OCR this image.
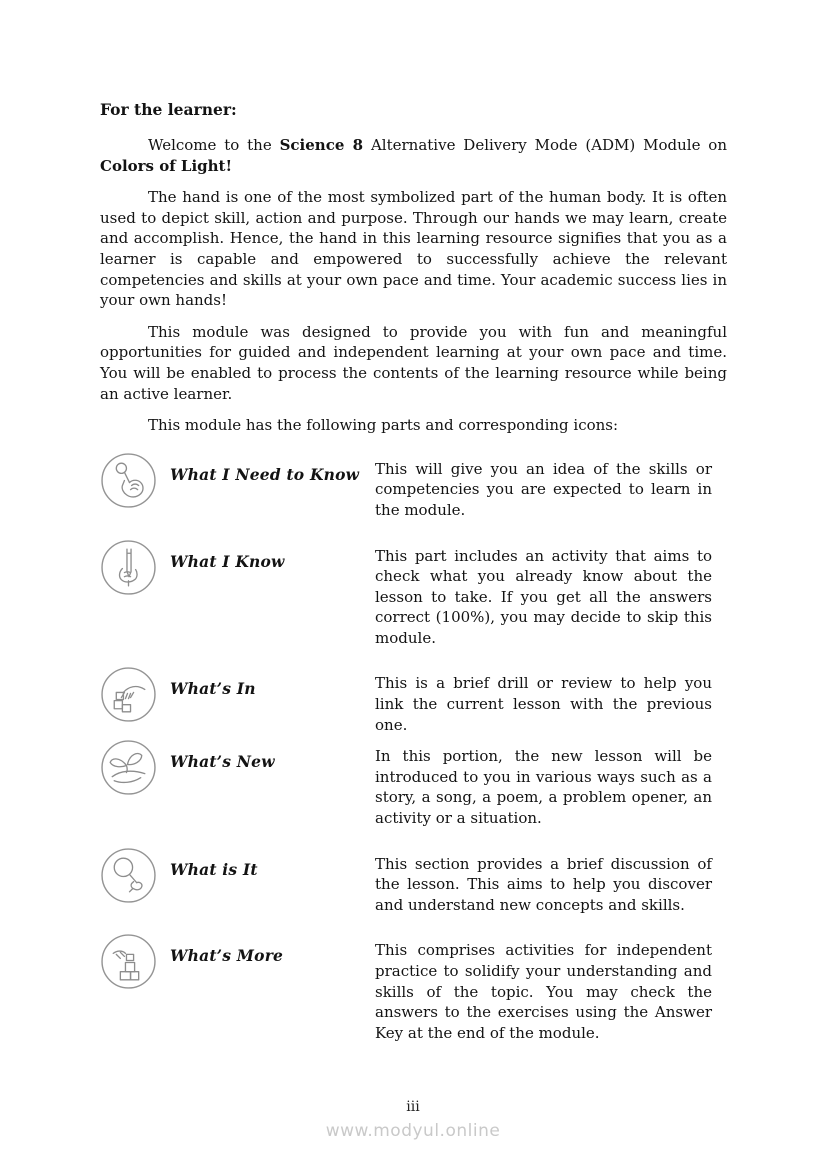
For the learner:

Welcome to the Science 8 Alternative Delivery Mode (ADM) Module on Colors of Light!

The hand is one of the most symbolized part of the human body. It is often used to depict skill, action and purpose. Through our hands we may learn, create and accomplish. Hence, the hand in this learning resource signifies that you as a learner is capable and empowered to successfully achieve the relevant competencies and skills at your own pace and time. Your academic success lies in your own hands!

This module was designed to provide you with fun and meaningful opportunities for guided and independent learning at your own pace and time. You will be enabled to process the contents of the learning resource while being an active learner.

This module has the following parts and corresponding icons:

What I Need to Know	This will give you an idea of the skills or competencies you are expected to learn in the module.
What I Know	This part includes an activity that aims to check what you already know about the lesson to take. If you get all the answers correct (100%), you may decide to skip this module.
What’s In	This is a brief drill or review to help you link the current lesson with the previous one.
What’s New	In this portion, the new lesson will be introduced to you in various ways such as a story, a song, a poem, a problem opener, an activity or a situation.
What is It	This section provides a brief discussion of the lesson. This aims to help you discover and understand new concepts and skills.
What’s More	This comprises activities for independent practice to solidify your understanding and skills of the topic. You may check the answers to the exercises using the Answer Key at the end of the module.
iii
www.modyul.online
